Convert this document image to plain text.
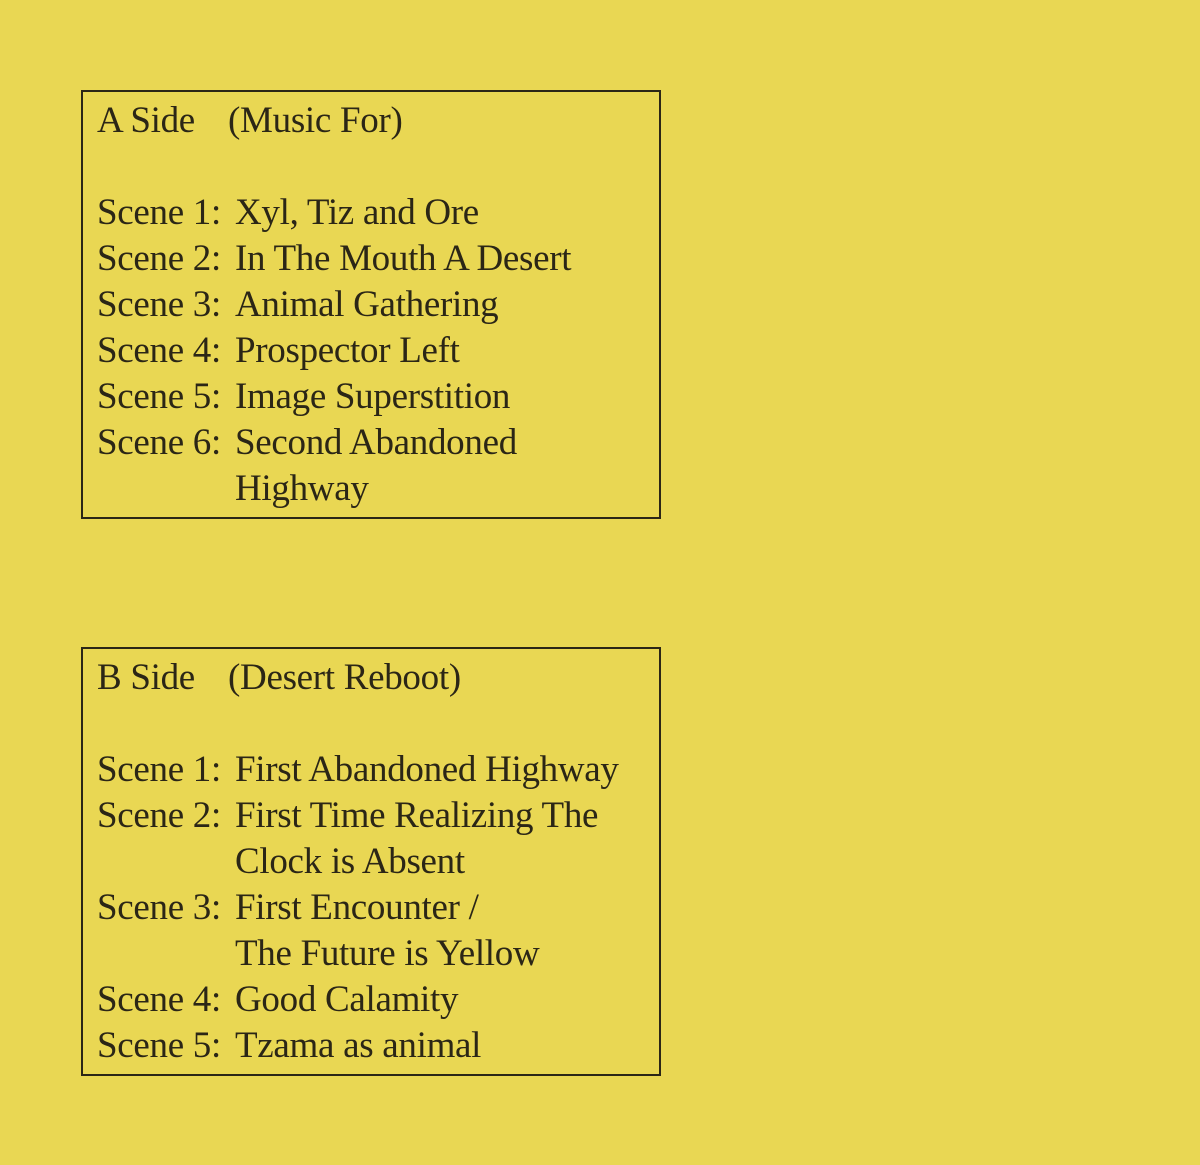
A Side (Music For)
Scene 1: Xyl, Tiz and Ore
Scene 2: In The Mouth A Desert
Scene 3: Animal Gathering
Scene 4: Prospector Left
Scene 5: Image Superstition
Scene 6: Second Abandoned
Highway
B Side (Desert Reboot)
Scene 1: First Abandoned Highway
Scene 2: First Time Realizing The
Clock is Absent
Scene 3: First Encounter /
The Future is Yellow
Scene 4: Good Calamity
Scene 5: Tzama as animal
